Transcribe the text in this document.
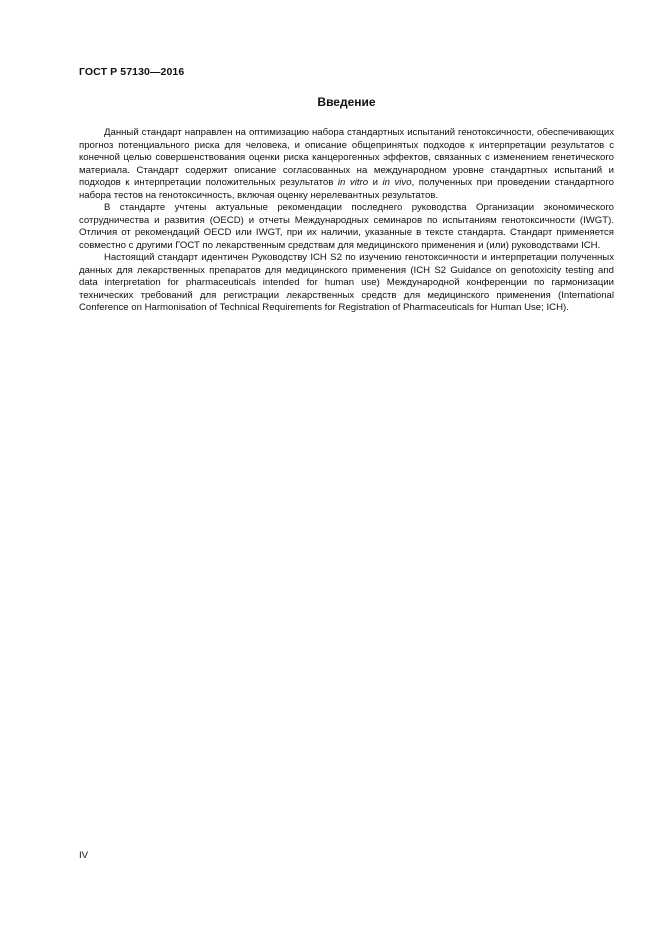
ГОСТ Р 57130—2016
Введение

Данный стандарт направлен на оптимизацию набора стандартных испытаний генотоксичности, обеспечивающих прогноз потенциального риска для человека, и описание общепринятых подходов к интерпретации результатов с конечной целью совершенствования оценки риска канцерогенных эффектов, связанных с изменением генетического материала. Стандарт содержит описание согласованных на международном уровне стандартных испытаний и подходов к интерпретации положительных результатов in vitro и in vivo, полученных при проведении стандартного набора тестов на генотоксичность, включая оценку нерелевантных результатов.

В стандарте учтены актуальные рекомендации последнего руководства Организации экономического сотрудничества и развития (OECD) и отчеты Международных семинаров по испытаниям генотоксичности (IWGT). Отличия от рекомендаций OECD или IWGT, при их наличии, указанные в тексте стандарта. Стандарт применяется совместно с другими ГОСТ по лекарственным средствам для медицинского применения и (или) руководствами ICH.

Настоящий стандарт идентичен Руководству ICH S2 по изучению генотоксичности и интерпретации полученных данных для лекарственных препаратов для медицинского применения (ICH S2 Guidance on genotoxicity testing and data interpretation for pharmaceuticals intended for human use) Международной конференции по гармонизации технических требований для регистрации лекарственных средств для медицинского применения (International Conference on Harmonisation of Technical Requirements for Registration of Pharmaceuticals for Human Use; ICH).

IV
